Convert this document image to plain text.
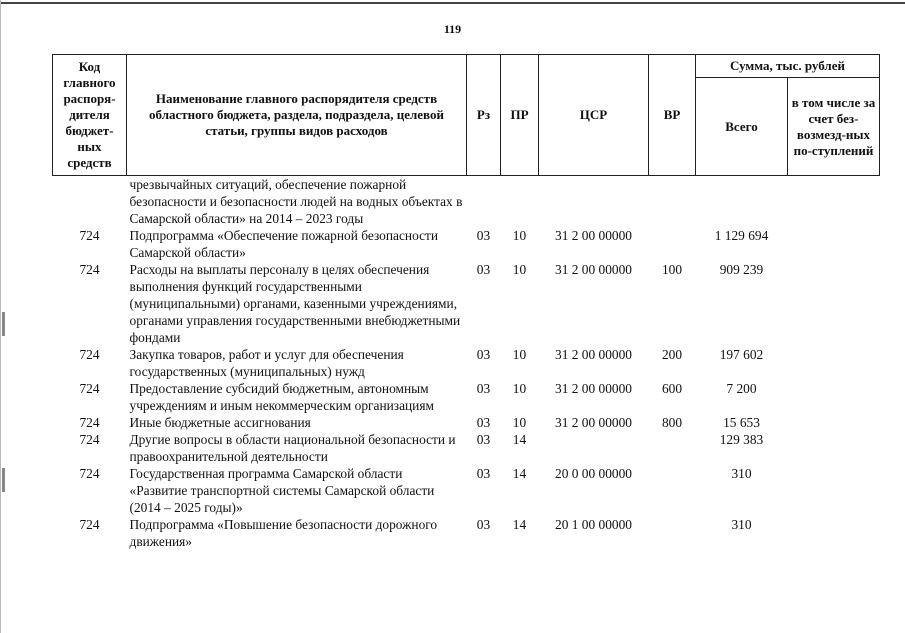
119
Код главного распоря-дителя бюджет-ных средств	Наименование главного распорядителя средств областного бюджета, раздела, подраздела, целевой статьи, группы видов расходов	Рз	ПР	ЦСР	ВР	Сумма, тыс. рублей	
						Всего	в том числе за счет без-возмезд-ных по-ступлений
	чрезвычайных ситуаций, обеспечение пожарной безопасности и безопасности людей на водных объектах в Самарской области» на 2014 – 2023 годы						
724	Подпрограмма «Обеспечение пожарной безопасности Самарской области»	03	10	31 2 00 00000		1 129 694	
724	Расходы на выплаты персоналу в целях обеспечения выполнения функций государственными (муниципальными) органами, казенными учреждениями, органами управления государственными внебюджетными фондами	03	10	31 2 00 00000	100	909 239	
724	Закупка товаров, работ и услуг для обеспечения государственных (муниципальных) нужд	03	10	31 2 00 00000	200	197 602	
724	Предоставление субсидий бюджетным, автономным учреждениям и иным некоммерческим организациям	03	10	31 2 00 00000	600	7 200	
724	Иные бюджетные ассигнования	03	10	31 2 00 00000	800	15 653	
724	Другие вопросы в области национальной безопасности и правоохранительной деятельности	03	14			129 383	
724	Государственная программа Самарской области «Развитие транспортной системы Самарской области (2014 – 2025 годы)»	03	14	20 0 00 00000		310	
724	Подпрограмма «Повышение безопасности дорожного движения»	03	14	20 1 00 00000		310	
